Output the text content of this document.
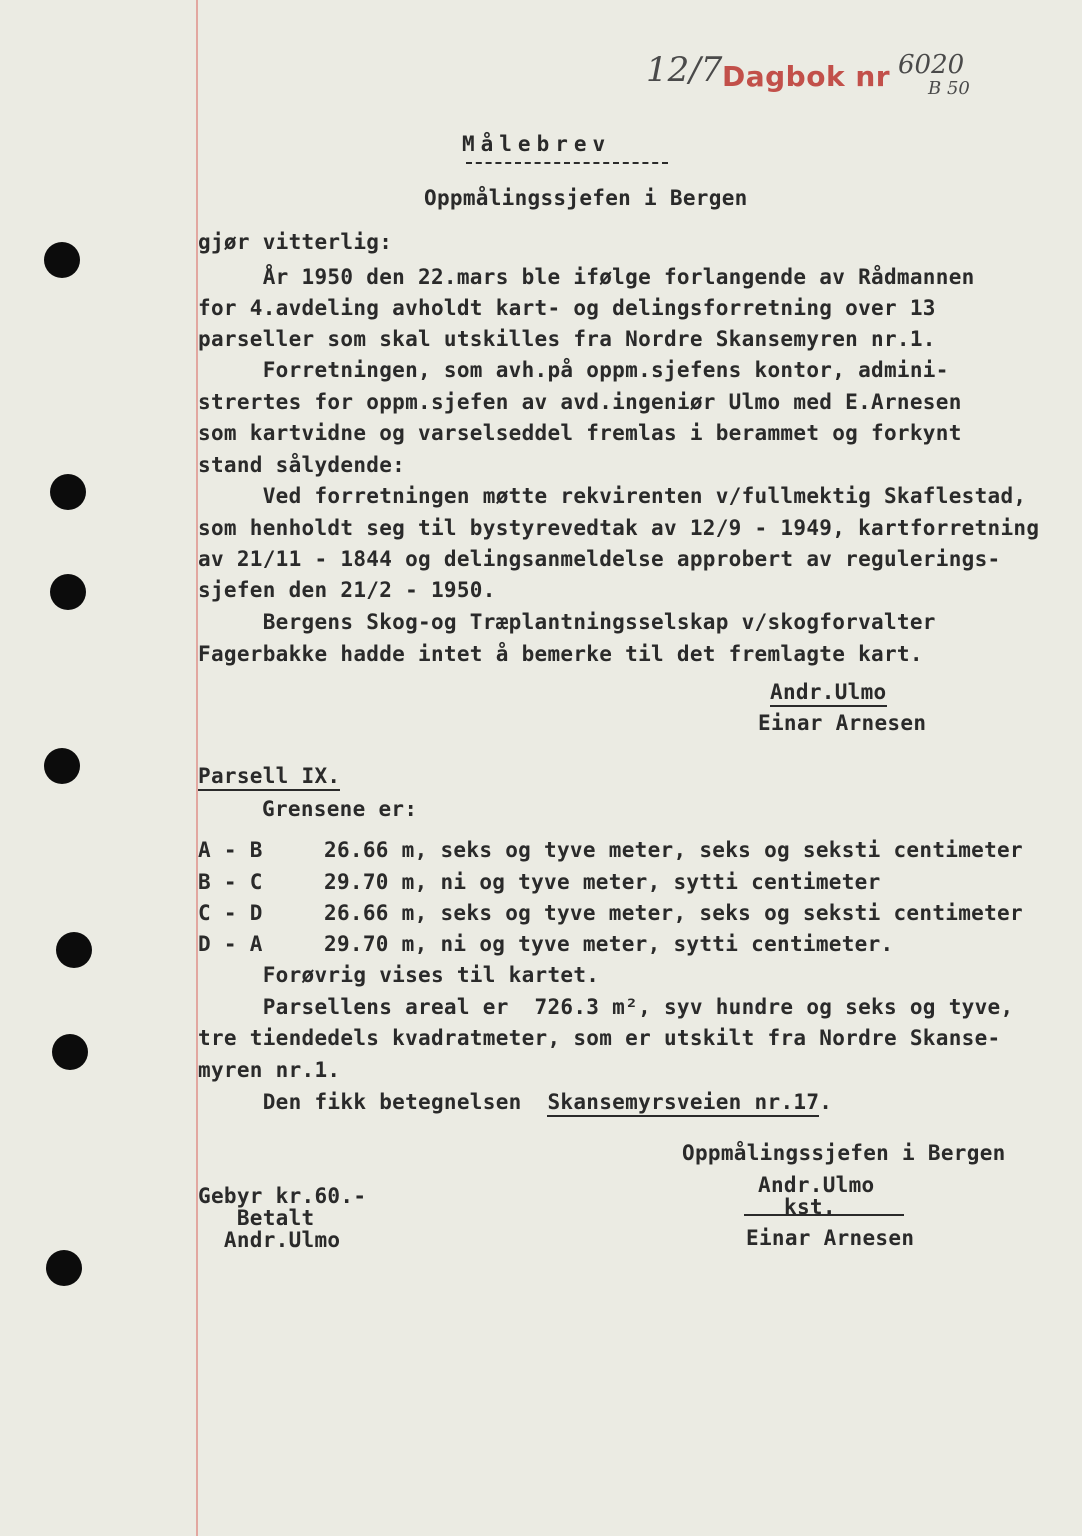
12/7 Dagbok nr 6020
B 50
Målebrev
Oppmålingssjefen i Bergen
gjør vitterlig:
År 1950 den 22.mars ble ifølge forlangende av Rådmannen
for 4.avdeling avholdt kart- og delingsforretning over 13
parseller som skal utskilles fra Nordre Skansemyren nr.1.
Forretningen, som avh.på oppm.sjefens kontor, admini-
strertes for oppm.sjefen av avd.ingeniør Ulmo med E.Arnesen
som kartvidne og varselseddel fremlas i berammet og forkynt
stand sålydende:
Ved forretningen møtte rekvirenten v/fullmektig Skaflestad,
som henholdt seg til bystyrevedtak av 12/9 - 1949, kartforretning
av 21/11 - 1844 og delingsanmeldelse approbert av regulerings-
sjefen den 21/2 - 1950.
Bergens Skog-og Træplantningsselskap v/skogforvalter
Fagerbakke hadde intet å bemerke til det fremlagte kart.
Andr.Ulmo
Einar Arnesen
Parsell IX.
Grensene er:
A - B	26.66 m, seks og tyve meter, seks og seksti centimeter
B - C	29.70 m, ni og tyve meter, sytti centimeter
C - D	26.66 m, seks og tyve meter, seks og seksti centimeter
D - A	29.70 m, ni og tyve meter, sytti centimeter.
Forøvrig vises til kartet.
Parsellens areal er  726.3 m², syv hundre og seks og tyve,
tre tiendedels kvadratmeter, som er utskilt fra Nordre Skanse-
myren nr.1.
Den fikk betegnelsen  Skansemyrsveien nr.17.
Oppmålingssjefen i Bergen
Andr.Ulmo
kst.
Einar Arnesen
Gebyr kr.60.-
Betalt
Andr.Ulmo
